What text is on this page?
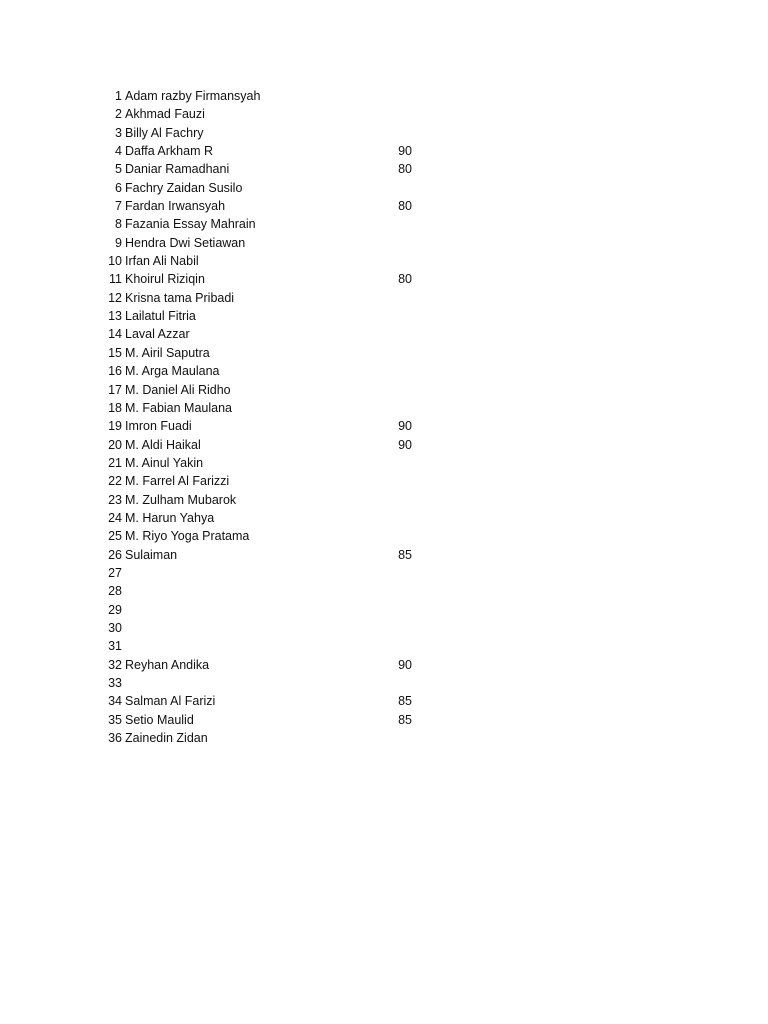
1 Adam razby Firmansyah
2 Akhmad Fauzi
3 Billy Al Fachry
4 Daffa Arkham R	90
5 Daniar Ramadhani	80
6 Fachry Zaidan Susilo
7 Fardan Irwansyah	80
8 Fazania Essay Mahrain
9 Hendra Dwi Setiawan
10 Irfan Ali Nabil
11 Khoirul Riziqin	80
12 Krisna tama Pribadi
13 Lailatul Fitria
14 Laval Azzar
15 M. Airil Saputra
16 M. Arga Maulana
17 M. Daniel Ali Ridho
18 M. Fabian Maulana
19 Imron Fuadi	90
20 M. Aldi Haikal	90
21 M. Ainul Yakin
22 M. Farrel Al Farizzi
23 M. Zulham Mubarok
24 M. Harun Yahya
25 M. Riyo Yoga Pratama
26 Sulaiman	85
27
28
29
30
31
32 Reyhan Andika	90
33
34 Salman Al Farizi	85
35 Setio Maulid	85
36 Zainedin Zidan
